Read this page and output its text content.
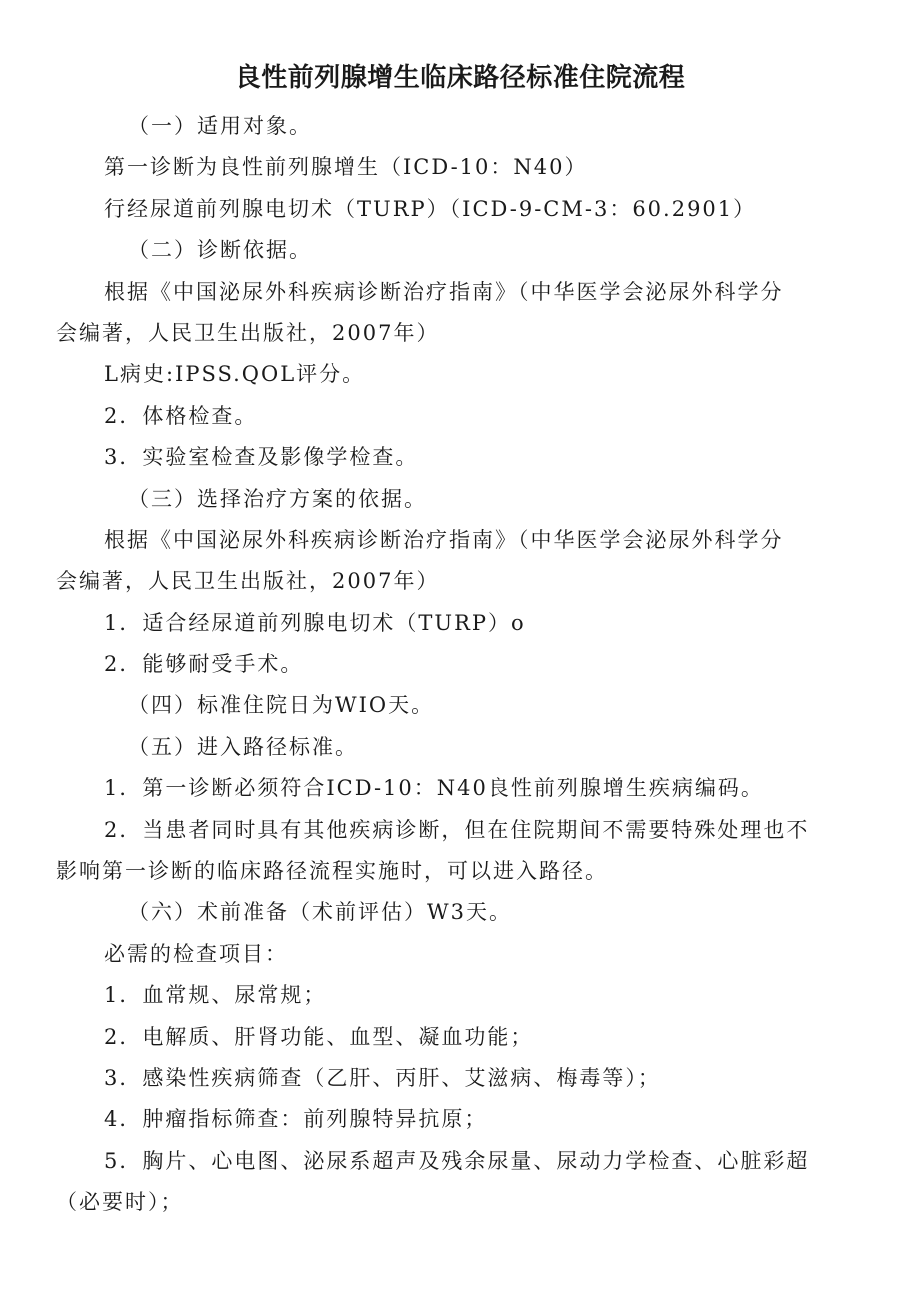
良性前列腺增生临床路径标准住院流程
（一）适用对象。
第一诊断为良性前列腺增生（ICD-10：N40）
行经尿道前列腺电切术（TURP）（ICD-9-CM-3：60.2901）
（二）诊断依据。
根据《中国泌尿外科疾病诊断治疗指南》（中华医学会泌尿外科学分
会编著，人民卫生出版社，2007年）
L病史:IPSS.QOL评分。
2．体格检查。
3．实验室检查及影像学检查。
（三）选择治疗方案的依据。
根据《中国泌尿外科疾病诊断治疗指南》（中华医学会泌尿外科学分
会编著，人民卫生出版社，2007年）
1．适合经尿道前列腺电切术（TURP）o
2．能够耐受手术。
（四）标准住院日为WIO天。
（五）进入路径标准。
1．第一诊断必须符合ICD-10：N40良性前列腺增生疾病编码。
2．当患者同时具有其他疾病诊断，但在住院期间不需要特殊处理也不
影响第一诊断的临床路径流程实施时，可以进入路径。
（六）术前准备（术前评估）W3天。
必需的检查项目：
1．血常规、尿常规；
2．电解质、肝肾功能、血型、凝血功能；
3．感染性疾病筛查（乙肝、丙肝、艾滋病、梅毒等）；
4．肿瘤指标筛查：前列腺特异抗原；
5．胸片、心电图、泌尿系超声及残余尿量、尿动力学检查、心脏彩超
（必要时）；
